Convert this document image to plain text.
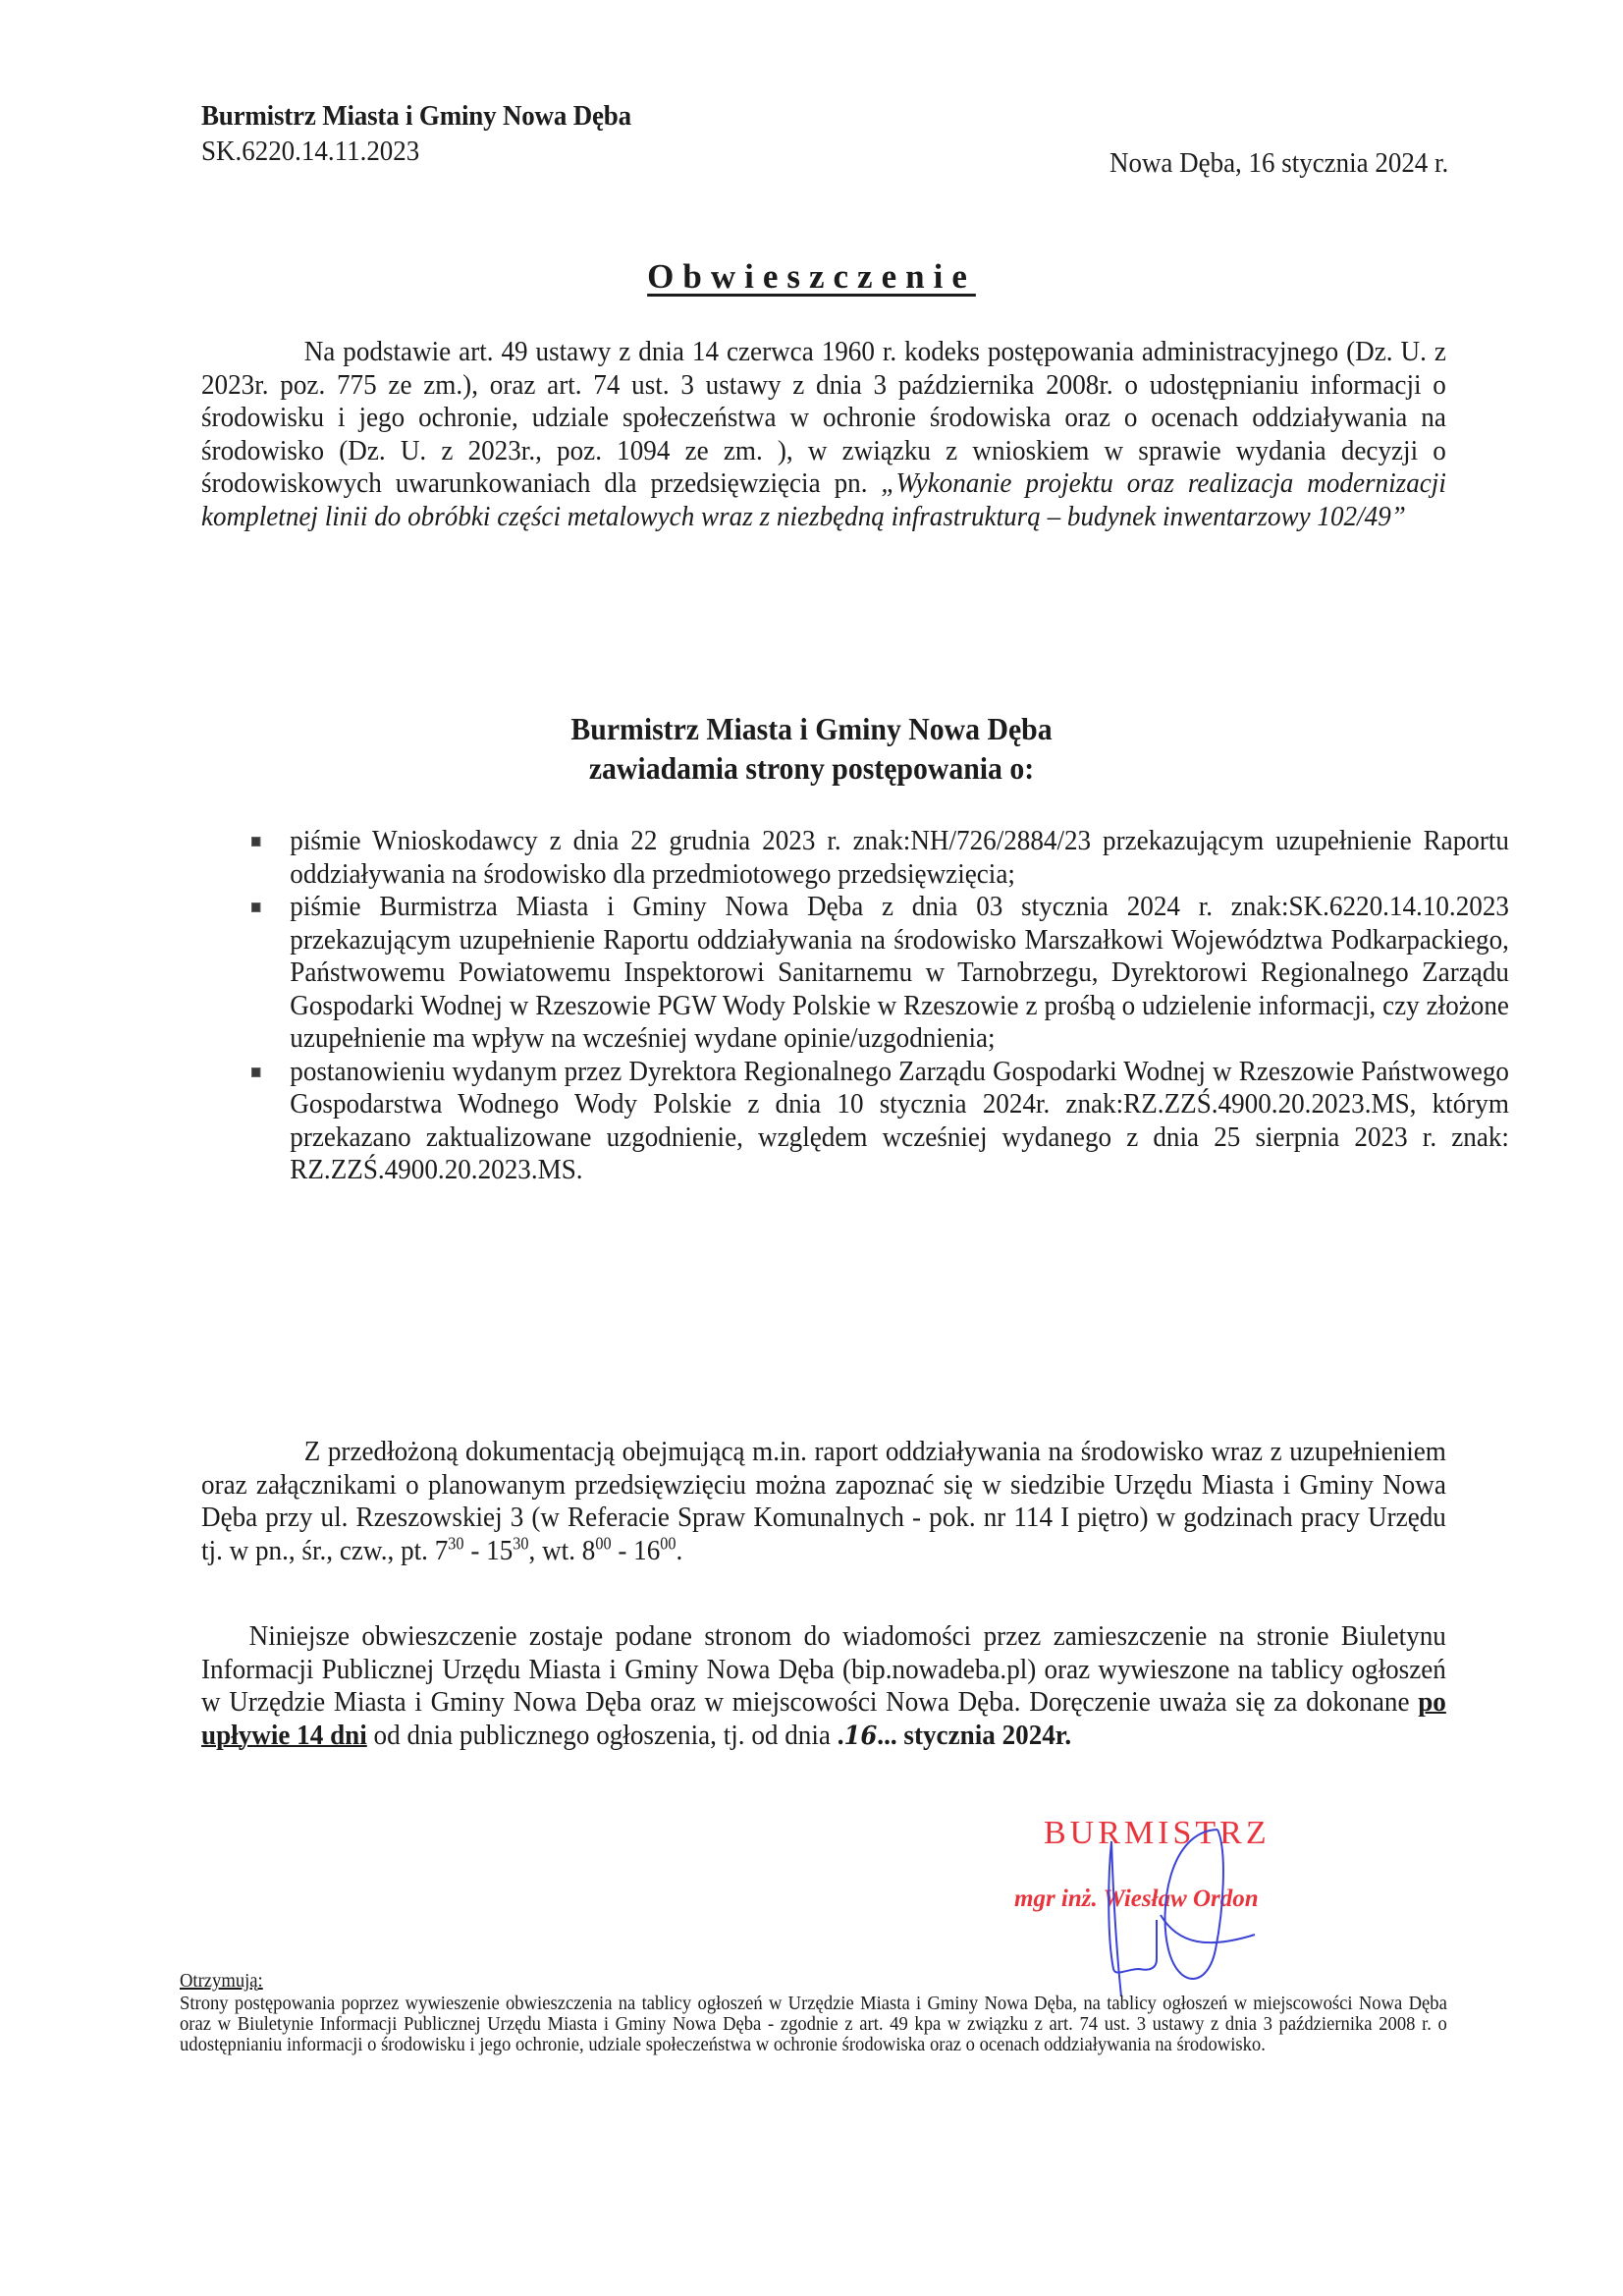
Burmistrz Miasta i Gminy Nowa Dęba
SK.6220.14.11.2023	Nowa Dęba, 16 stycznia 2024 r.
Obwieszczenie
Na podstawie art. 49 ustawy z dnia 14 czerwca 1960 r. kodeks postępowania administracyjnego (Dz. U. z 2023r. poz. 775 ze zm.), oraz art. 74 ust. 3 ustawy z dnia 3 października 2008r. o udostępnianiu informacji o środowisku i jego ochronie, udziale społeczeństwa w ochronie środowiska oraz o ocenach oddziaływania na środowisko (Dz. U. z 2023r., poz. 1094 ze zm. ), w związku z wnioskiem w sprawie wydania decyzji o środowiskowych uwarunkowaniach dla przedsięwzięcia pn. „Wykonanie projektu oraz realizacja modernizacji kompletnej linii do obróbki części metalowych wraz z niezbędną infrastrukturą – budynek inwentarzowy 102/49”
Burmistrz Miasta i Gminy Nowa Dęba
zawiadamia strony postępowania o:
piśmie Wnioskodawcy z dnia 22 grudnia 2023 r. znak:NH/726/2884/23 przekazującym uzupełnienie Raportu oddziaływania na środowisko dla przedmiotowego przedsięwzięcia;
piśmie Burmistrza Miasta i Gminy Nowa Dęba z dnia 03 stycznia 2024 r. znak:SK.6220.14.10.2023 przekazującym uzupełnienie Raportu oddziaływania na środowisko Marszałkowi Województwa Podkarpackiego, Państwowemu Powiatowemu Inspektorowi Sanitarnemu w Tarnobrzegu, Dyrektorowi Regionalnego Zarządu Gospodarki Wodnej w Rzeszowie PGW Wody Polskie w Rzeszowie z prośbą o udzielenie informacji, czy złożone uzupełnienie ma wpływ na wcześniej wydane opinie/uzgodnienia;
postanowieniu wydanym przez Dyrektora Regionalnego Zarządu Gospodarki Wodnej w Rzeszowie Państwowego Gospodarstwa Wodnego Wody Polskie z dnia 10 stycznia 2024r. znak:RZ.ZZŚ.4900.20.2023.MS, którym przekazano zaktualizowane uzgodnienie, względem wcześniej wydanego z dnia 25 sierpnia 2023 r. znak: RZ.ZZŚ.4900.20.2023.MS.
Z przedłożoną dokumentacją obejmującą m.in. raport oddziaływania na środowisko wraz z uzupełnieniem oraz załącznikami o planowanym przedsięwzięciu można zapoznać się w siedzibie Urzędu Miasta i Gminy Nowa Dęba przy ul. Rzeszowskiej 3 (w Referacie Spraw Komunalnych - pok. nr 114 I piętro) w godzinach pracy Urzędu tj. w pn., śr., czw., pt. $7^{30} - 15^{30}$, wt. $8^{00} - 16^{00}$.
Niniejsze obwieszczenie zostaje podane stronom do wiadomości przez zamieszczenie na stronie Biuletynu Informacji Publicznej Urzędu Miasta i Gminy Nowa Dęba (bip.nowadeba.pl) oraz wywieszone na tablicy ogłoszeń w Urzędzie Miasta i Gminy Nowa Dęba oraz w miejscowości Nowa Dęba. Doręczenie uważa się za dokonane po upływie 14 dni od dnia publicznego ogłoszenia, tj. od dnia .16... stycznia 2024r.
BURMISTRZ
mgr inż. Wiesław Ordon
Otrzymują:
Strony postępowania poprzez wywieszenie obwieszczenia na tablicy ogłoszeń w Urzędzie Miasta i Gminy Nowa Dęba, na tablicy ogłoszeń w miejscowości Nowa Dęba oraz w Biuletynie Informacji Publicznej Urzędu Miasta i Gminy Nowa Dęba - zgodnie z art. 49 kpa w związku z art. 74 ust. 3 ustawy z dnia 3 października 2008 r. o udostępnianiu informacji o środowisku i jego ochronie, udziale społeczeństwa w ochronie środowiska oraz o ocenach oddziaływania na środowisko.
